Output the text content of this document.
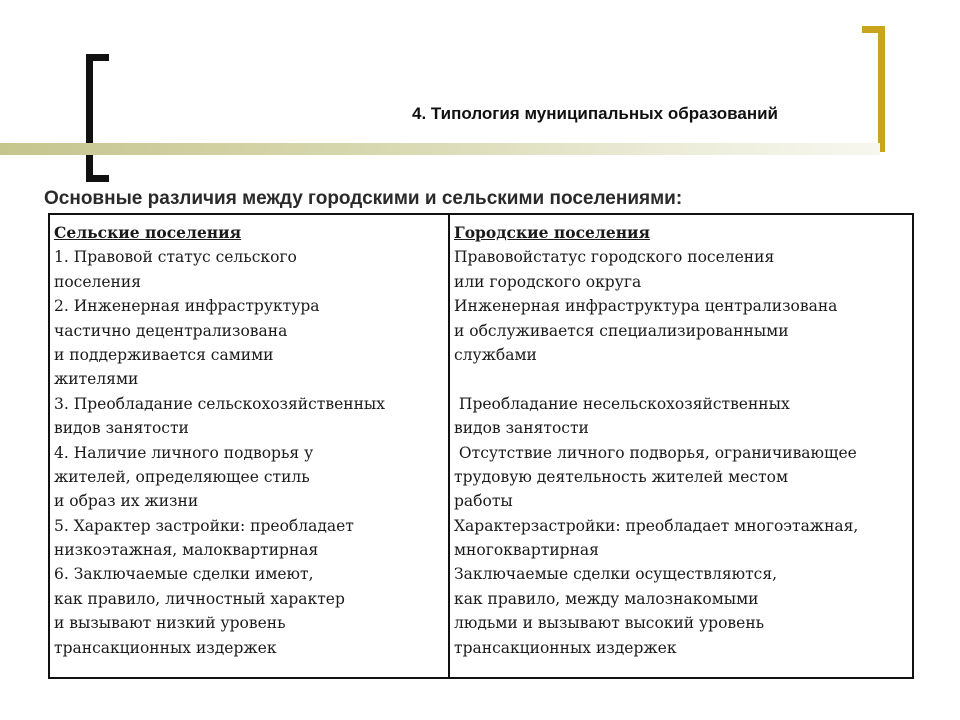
4. Типология муниципальных образований
Основные различия между городскими и сельскими поселениями:
Сельские поселения
1. Правовой статус сельского
поселения
2. Инженерная инфраструктура
частично децентрализована
и поддерживается самими
жителями
3. Преобладание сельскохозяйственных
видов занятости
4. Наличие личного подворья у
жителей, определяющее стиль
и образ их жизни
5. Характер застройки: преобладает
низкоэтажная, малоквартирная
6. Заключаемые сделки имеют,
как правило, личностный характер
и вызывают низкий уровень
трансакционных издержек
Городские поселения
Правовойстатус городского поселения
или городского округа
Инженерная инфраструктура централизована
и обслуживается специализированными
службами
Преобладание несельскохозяйственных
видов занятости
Отсутствие личного подворья, ограничивающее
трудовую деятельность жителей местом
работы
Характерзастройки: преобладает многоэтажная,
многоквартирная
Заключаемые сделки осуществляются,
как правило, между малознакомыми
людьми и вызывают высокий уровень
трансакционных издержек
